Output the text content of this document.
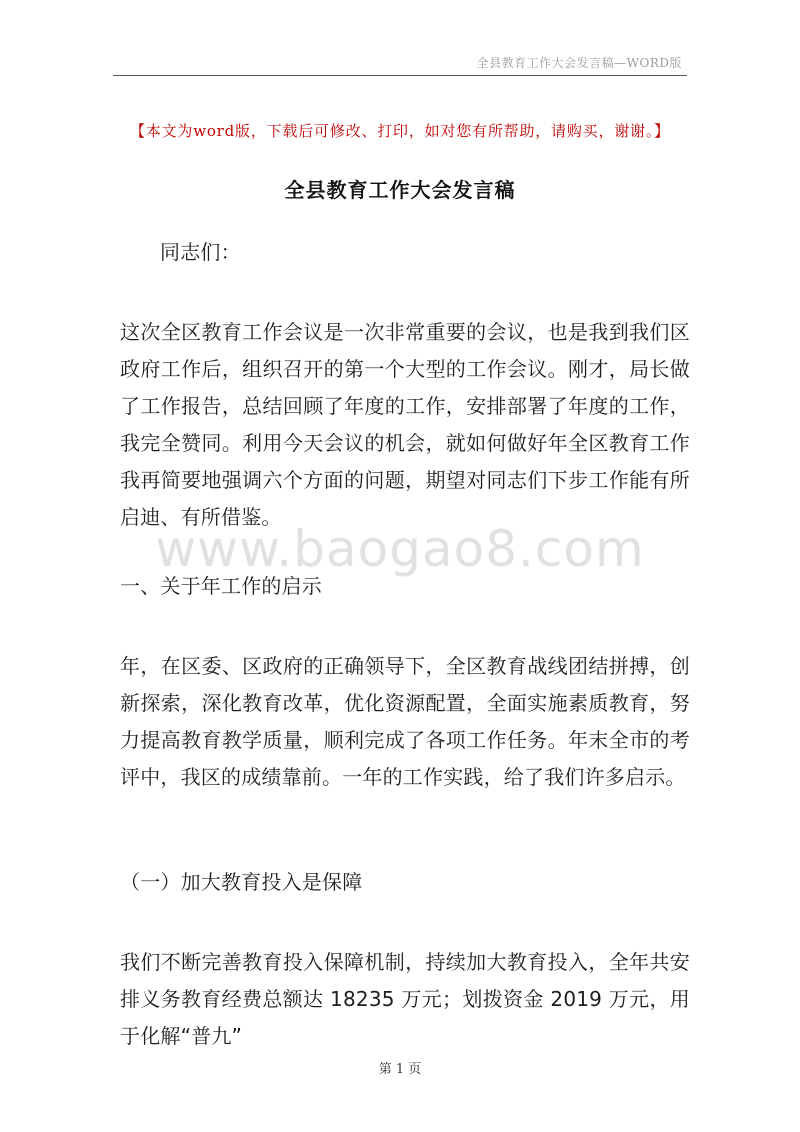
全县教育工作大会发言稿—WORD版
【本文为word版，下载后可修改、打印，如对您有所帮助，请购买，谢谢。】
全县教育工作大会发言稿
同志们：
这次全区教育工作会议是一次非常重要的会议，也是我到我们区政府工作后，组织召开的第一个大型的工作会议。刚才，局长做了工作报告，总结回顾了年度的工作，安排部署了年度的工作，我完全赞同。利用今天会议的机会，就如何做好年全区教育工作我再简要地强调六个方面的问题，期望对同志们下步工作能有所启迪、有所借鉴。
www.baogao8.com
一、关于年工作的启示
年，在区委、区政府的正确领导下，全区教育战线团结拼搏，创新探索，深化教育改革，优化资源配置，全面实施素质教育，努力提高教育教学质量，顺利完成了各项工作任务。年末全市的考评中，我区的成绩靠前。一年的工作实践，给了我们许多启示。
（一）加大教育投入是保障
我们不断完善教育投入保障机制，持续加大教育投入，全年共安排义务教育经费总额达 18235 万元；划拨资金 2019 万元，用于化解“普九”
第 1 页
